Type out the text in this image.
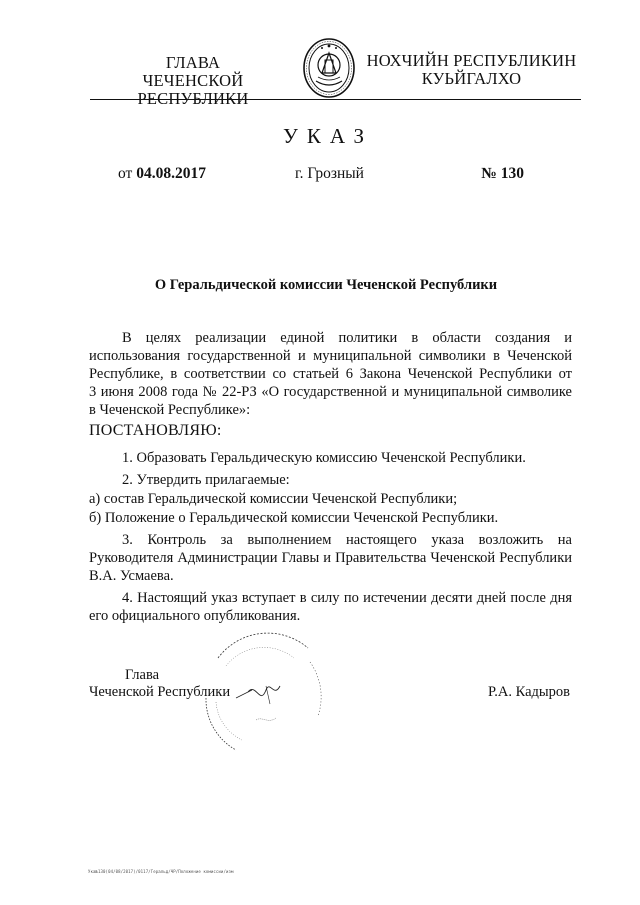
ГЛАВА
ЧЕЧЕНСКОЙ РЕСПУБЛИКИ
НОХЧИЙН РЕСПУБЛИКИН
КУЬЙГАЛХО
УКАЗ
от 04.08.2017	г. Грозный	№ 130
О Геральдической комиссии Чеченской Республики
В целях реализации единой политики в области создания и
использования государственной и муниципальной символики в Чеченской
Республике, в соответствии со статьей 6 Закона Чеченской Республики от
3 июня 2008 года № 22-РЗ «О государственной и муниципальной символике
в Чеченской Республике»:
ПОСТАНОВЛЯЮ:
1. Образовать Геральдическую комиссию Чеченской Республики.
2. Утвердить прилагаемые:
а) состав Геральдической комиссии Чеченской Республики;
б) Положение о Геральдической комиссии Чеченской Республики.
3. Контроль за выполнением настоящего указа возложить на
Руководителя Администрации Главы и Правительства Чеченской Республики
В.А. Усмаева.
4. Настоящий указ вступает в силу по истечении десяти дней после дня
его официального опубликования.
Глава
Чеченской Республики	Р.А. Кадыров
Ука№130(04/08/2017)/0117/Геральд/ЧР/Положение комиссии/изм
